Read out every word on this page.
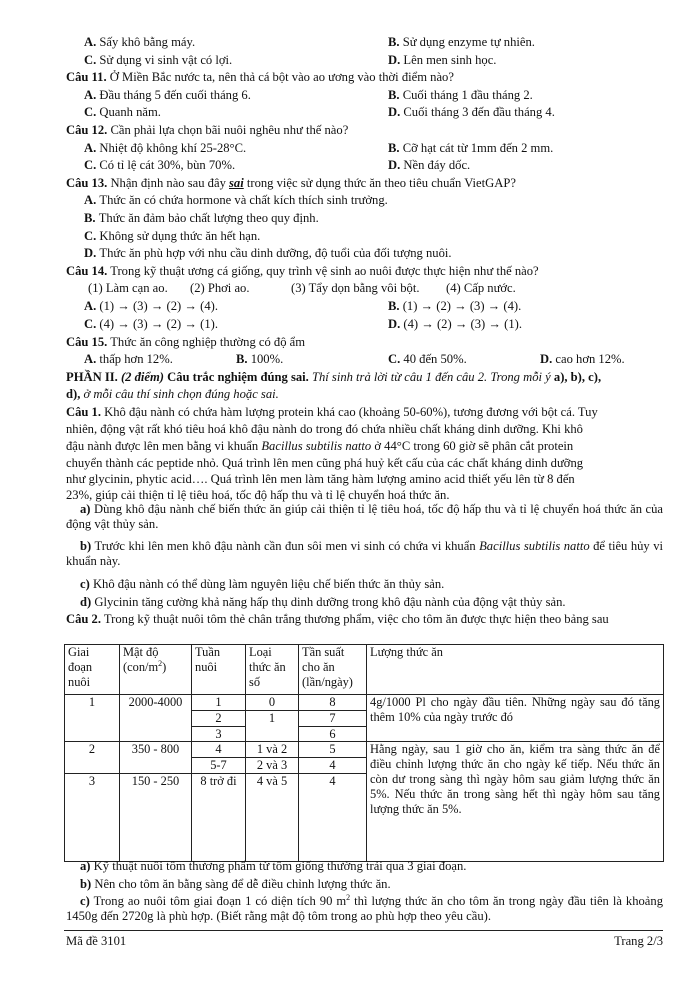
A. Sấy khô bằng máy.	B. Sử dụng enzyme tự nhiên.
C. Sử dụng vi sinh vật có lợi.	D. Lên men sinh học.
Câu 11. Ở Miền Bắc nước ta, nên thả cá bột vào ao ương vào thời điểm nào?
A. Đầu tháng 5 đến cuối tháng 6.	B. Cuối tháng 1 đầu tháng 2.
C. Quanh năm.	D. Cuối tháng 3 đến đầu tháng 4.
Câu 12. Cần phải lựa chọn bãi nuôi nghêu như thế nào?
A. Nhiệt độ không khí 25-28°C.	B. Cỡ hạt cát từ 1mm đến 2 mm.
C. Có tỉ lệ cát 30%, bùn 70%.	D. Nền đáy dốc.
Câu 13. Nhận định nào sau đây sai trong việc sử dụng thức ăn theo tiêu chuẩn VietGAP?
A. Thức ăn có chứa hormone và chất kích thích sinh trưởng.
B. Thức ăn đảm bảo chất lượng theo quy định.
C. Không sử dụng thức ăn hết hạn.
D. Thức ăn phù hợp với nhu cầu dinh dưỡng, độ tuổi của đối tượng nuôi.
Câu 14. Trong kỹ thuật ương cá giống, quy trình vệ sinh ao nuôi được thực hiện như thế nào?
(1) Làm cạn ao. (2) Phơi ao.	(3) Tẩy dọn bằng vôi bột. (4) Cấp nước.
A. (1) → (3) → (2) → (4).	B. (1) → (2) → (3) → (4).
C. (4) → (3) → (2) → (1).	D. (4) → (2) → (3) → (1).
Câu 15. Thức ăn công nghiệp thường có độ ẩm
A. thấp hơn 12%.	B. 100%.	C. 40 đến 50%.	D. cao hơn 12%.
PHẦN II. (2 điểm) Câu trắc nghiệm đúng sai. Thí sinh trả lời từ câu 1 đến câu 2. Trong mỗi ý a), b), c),
d), ở mỗi câu thí sinh chọn đúng hoặc sai.
Câu 1. Khô đậu nành có chứa hàm lượng protein khá cao (khoảng 50-60%), tương đương với bột cá. Tuy
nhiên, động vật rất khó tiêu hoá khô đậu nành do trong đó chứa nhiều chất kháng dinh dưỡng. Khi khô
đậu nành được lên men bằng vi khuẩn Bacillus subtilis natto ở 44°C trong 60 giờ sẽ phân cắt protein
chuyển thành các peptide nhỏ. Quá trình lên men cũng phá huỷ kết cấu của các chất kháng dinh dưỡng
như glycinin, phytic acid…. Quá trình lên men làm tăng hàm lượng amino acid thiết yếu lên từ 8 đến
23%, giúp cải thiện tỉ lệ tiêu hoá, tốc độ hấp thu và tỉ lệ chuyển hoá thức ăn.
a) Dùng khô đậu nành chế biến thức ăn giúp cải thiện tỉ lệ tiêu hoá, tốc độ hấp thu và tỉ lệ chuyển hoá thức ăn của động vật thủy sản.
b) Trước khi lên men khô đậu nành cần đun sôi men vi sinh có chứa vi khuẩn Bacillus subtilis natto để tiêu hủy vi khuẩn này.
c) Khô đậu nành có thể dùng làm nguyên liệu chế biến thức ăn thủy sản.
d) Glycinin tăng cường khả năng hấp thụ dinh dưỡng trong khô đậu nành của động vật thủy sản.
Câu 2. Trong kỹ thuật nuôi tôm thẻ chân trắng thương phẩm, việc cho tôm ăn được thực hiện theo bảng sau
Giai đoạn nuôi	Mật độ $(con/m^2)$	Tuần nuôi	Loại thức ăn số	Tần suất cho ăn (lần/ngày)	Lượng thức ăn
1	2000-4000	1	0	8	4g/1000 Pl cho ngày đầu tiên. Những ngày sau đó tăng thêm 10% của ngày trước đó
		2	1	7	
		3		6	
2	350 - 800	4	1 và 2	5	Hằng ngày, sau 1 giờ cho ăn, kiểm tra sàng thức ăn để điều chỉnh lượng thức ăn cho ngày kế tiếp. Nếu thức ăn còn dư trong sàng thì ngày hôm sau giảm lượng thức ăn 5%. Nếu thức ăn trong sàng hết thì ngày hôm sau tăng lượng thức ăn 5%.
		5-7	2 và 3	4	
3	150 - 250	8 trở đi	4 và 5	4	
a) Kỹ thuật nuôi tôm thương phẩm từ tôm giống thường trải qua 3 giai đoạn.
b) Nên cho tôm ăn bằng sàng để dễ điều chỉnh lượng thức ăn.
c) Trong ao nuôi tôm giai đoạn 1 có diện tích 90 $m^2$ thì lượng thức ăn cho tôm ăn trong ngày đầu tiên là khoảng 1450g đến 2720g là phù hợp. (Biết rằng mật độ tôm trong ao phù hợp theo yêu cầu).
Mã đề 3101	Trang 2/3
